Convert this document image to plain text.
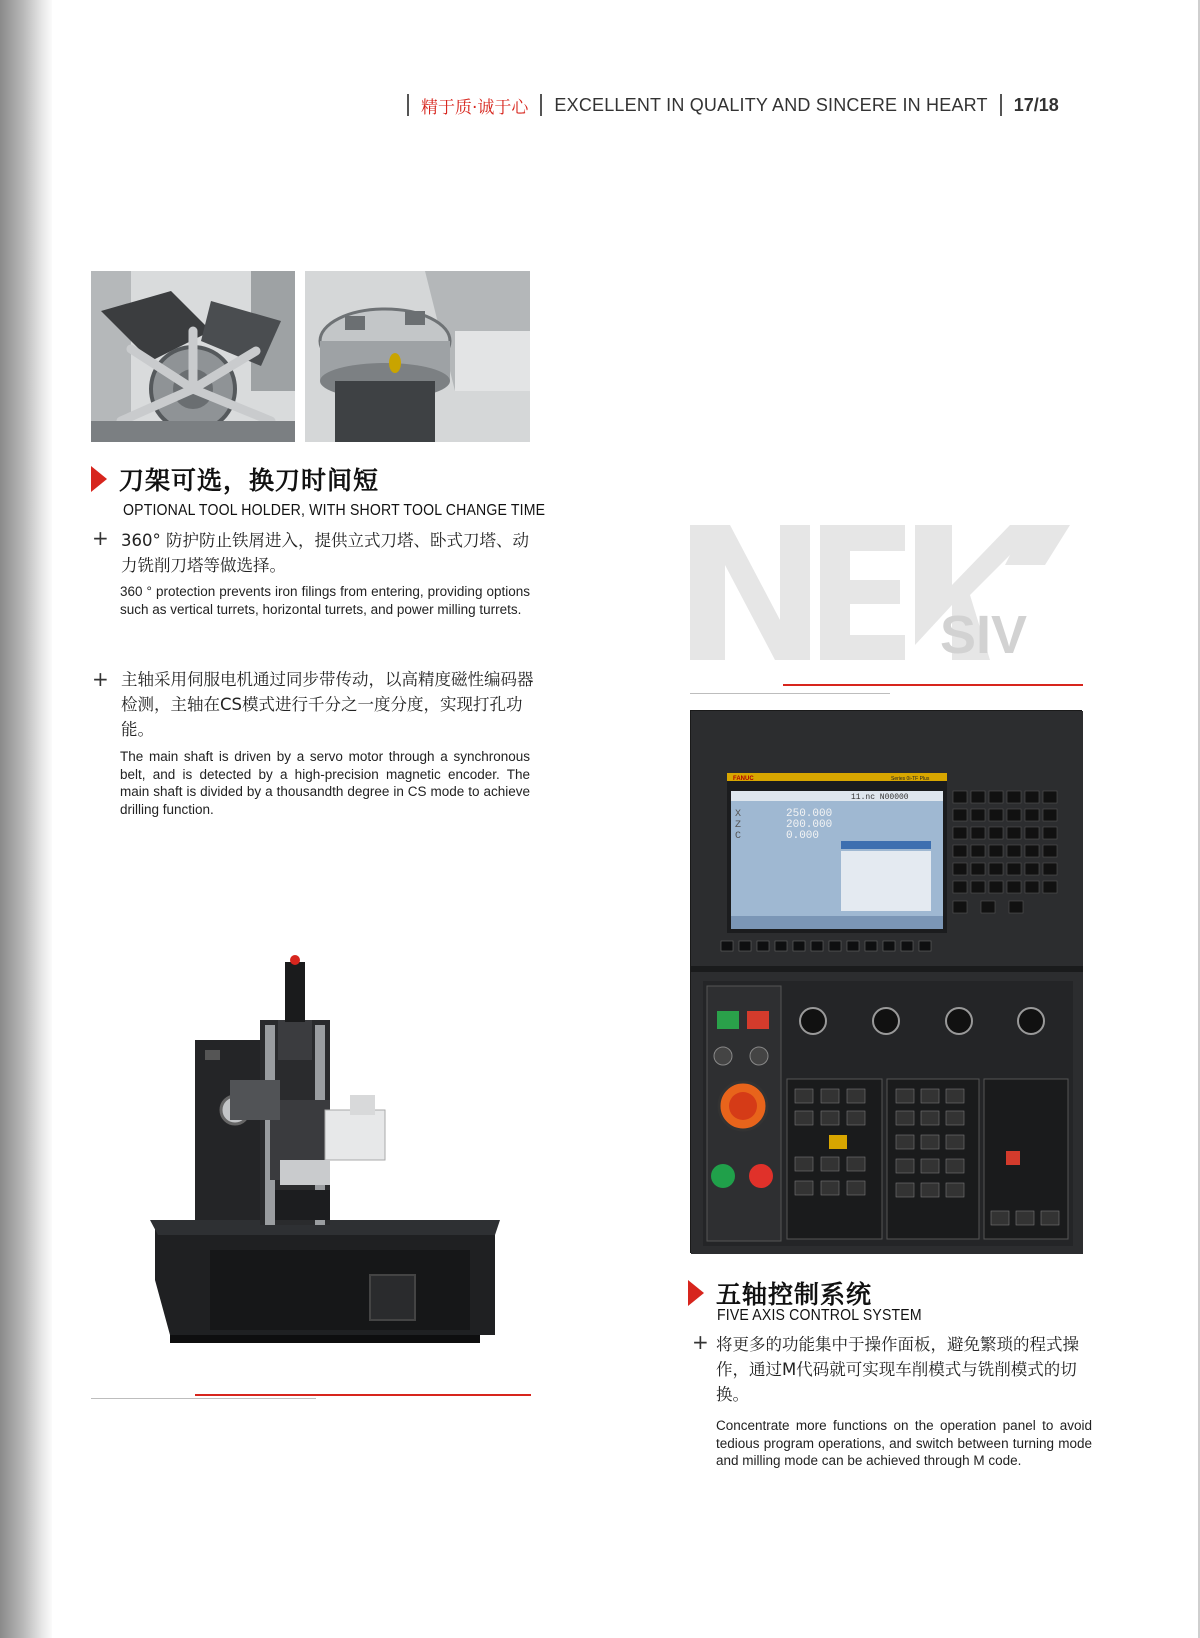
精于质·诚于心 EXCELLENT IN QUALITY AND SINCERE IN HEART 17/18
刀架可选，换刀时间短
OPTIONAL TOOL HOLDER, WITH SHORT TOOL CHANGE TIME
+ 360° 防护防止铁屑进入，提供立式刀塔、卧式刀塔、动力铣削刀塔等做选择。
360 ° protection prevents iron filings from entering, providing options such as vertical turrets, horizontal turrets, and power milling turrets.
+ 主轴采用伺服电机通过同步带传动，以高精度磁性编码器检测，主轴在CS模式进行千分之一度分度，实现打孔功能。
The main shaft is driven by a servo motor through a synchronous belt, and is detected by a high-precision magnetic encoder. The main shaft is divided by a thousandth degree in CS mode to achieve drilling function.
SIV
FANUC	Series 0i-TF Plus
11.nc N00000
X
Z
C
250.000
200.000
0.000
五轴控制系统
FIVE AXIS CONTROL SYSTEM
+ 将更多的功能集中于操作面板，避免繁琐的程式操作，通过M代码就可实现车削模式与铣削模式的切换。
Concentrate more functions on the operation panel to avoid tedious program operations, and switch between turning mode and milling mode can be achieved through M code.
